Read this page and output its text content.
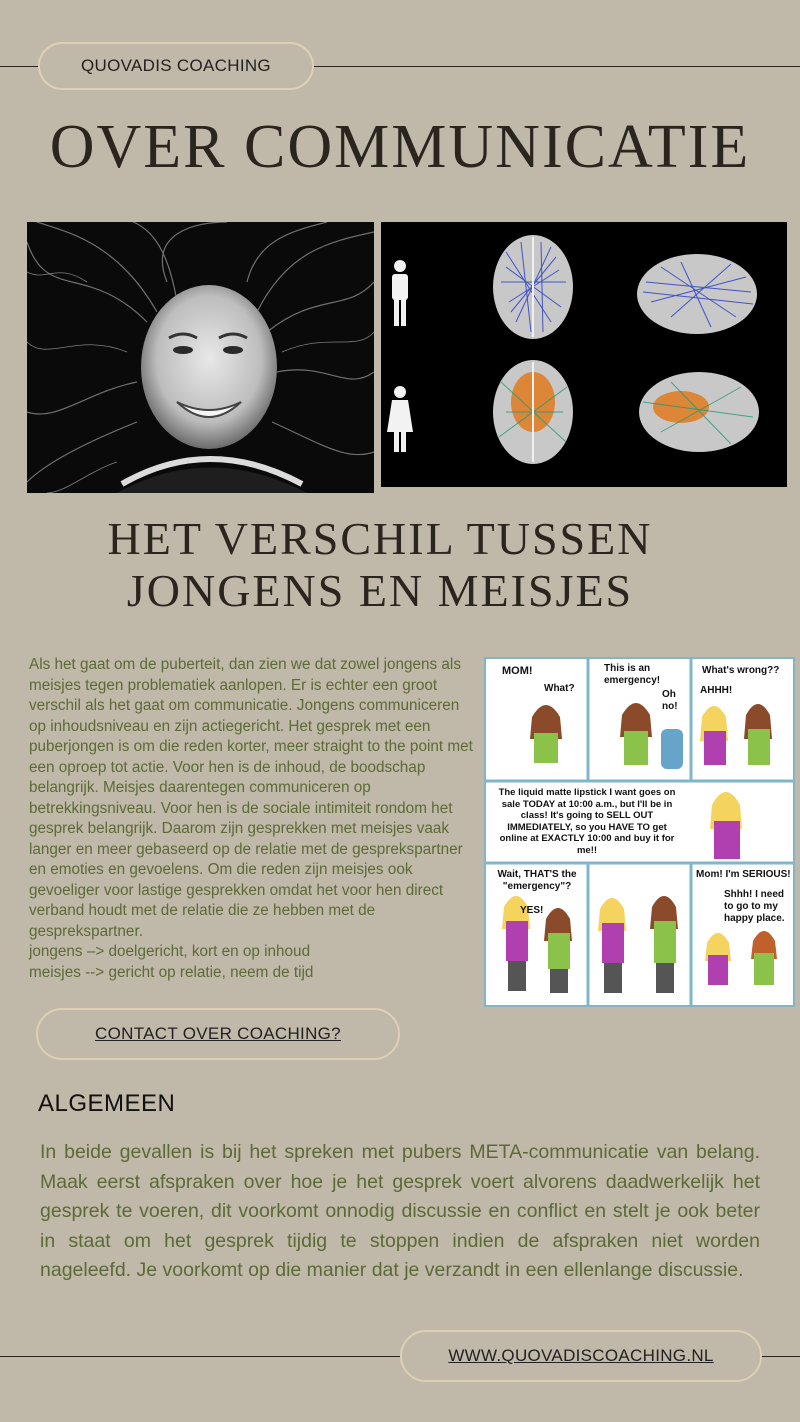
QUOVADIS COACHING
OVER COMMUNICATIE
HET VERSCHIL TUSSEN
JONGENS EN MEISJES
Als het gaat om de puberteit, dan zien we dat zowel jongens als meisjes tegen problematiek aanlopen. Er is echter een groot verschil als het gaat om communicatie. Jongens communiceren op inhoudsniveau en zijn actiegericht. Het gesprek met een puberjongen is om die reden korter, meer straight to the point met een oproep tot actie. Voor hen is de inhoud, de boodschap belangrijk. Meisjes daarentegen communiceren op betrekkingsniveau. Voor hen is de sociale intimiteit rondom het gesprek belangrijk. Daarom zijn gesprekken met meisjes vaak langer en meer gebaseerd op de relatie met de gesprekspartner en emoties en gevoelens. Om die reden zijn meisjes ook gevoeliger voor lastige gesprekken omdat het voor hen direct verband houdt met de relatie die ze hebben met de gesprekspartner.
jongens –> doelgericht, kort en op inhoud
meisjes --> gericht op relatie, neem de tijd
MOM!
What?
This is an emergency!
Oh no!
What's wrong??
AHHH!
The liquid matte lipstick I want goes on sale TODAY at 10:00 a.m., but I'll be in class! It's going to SELL OUT IMMEDIATELY, so you HAVE TO get online at EXACTLY 10:00 and buy it for me!!
Wait, THAT'S the "emergency"?
YES!
Mom! I'm SERIOUS!
Shhh! I need to go to my happy place.
CONTACT OVER COACHING?
ALGEMEEN
In beide gevallen is bij het spreken met pubers META-communicatie van belang. Maak eerst afspraken over hoe je het gesprek voert alvorens daadwerkelijk het gesprek te voeren, dit voorkomt onnodig discussie en conflict en stelt je ook beter in staat om het gesprek tijdig te stoppen indien de afspraken niet worden nageleefd. Je voorkomt op die manier dat je verzandt in een ellenlange discussie.
WWW.QUOVADISCOACHING.NL
